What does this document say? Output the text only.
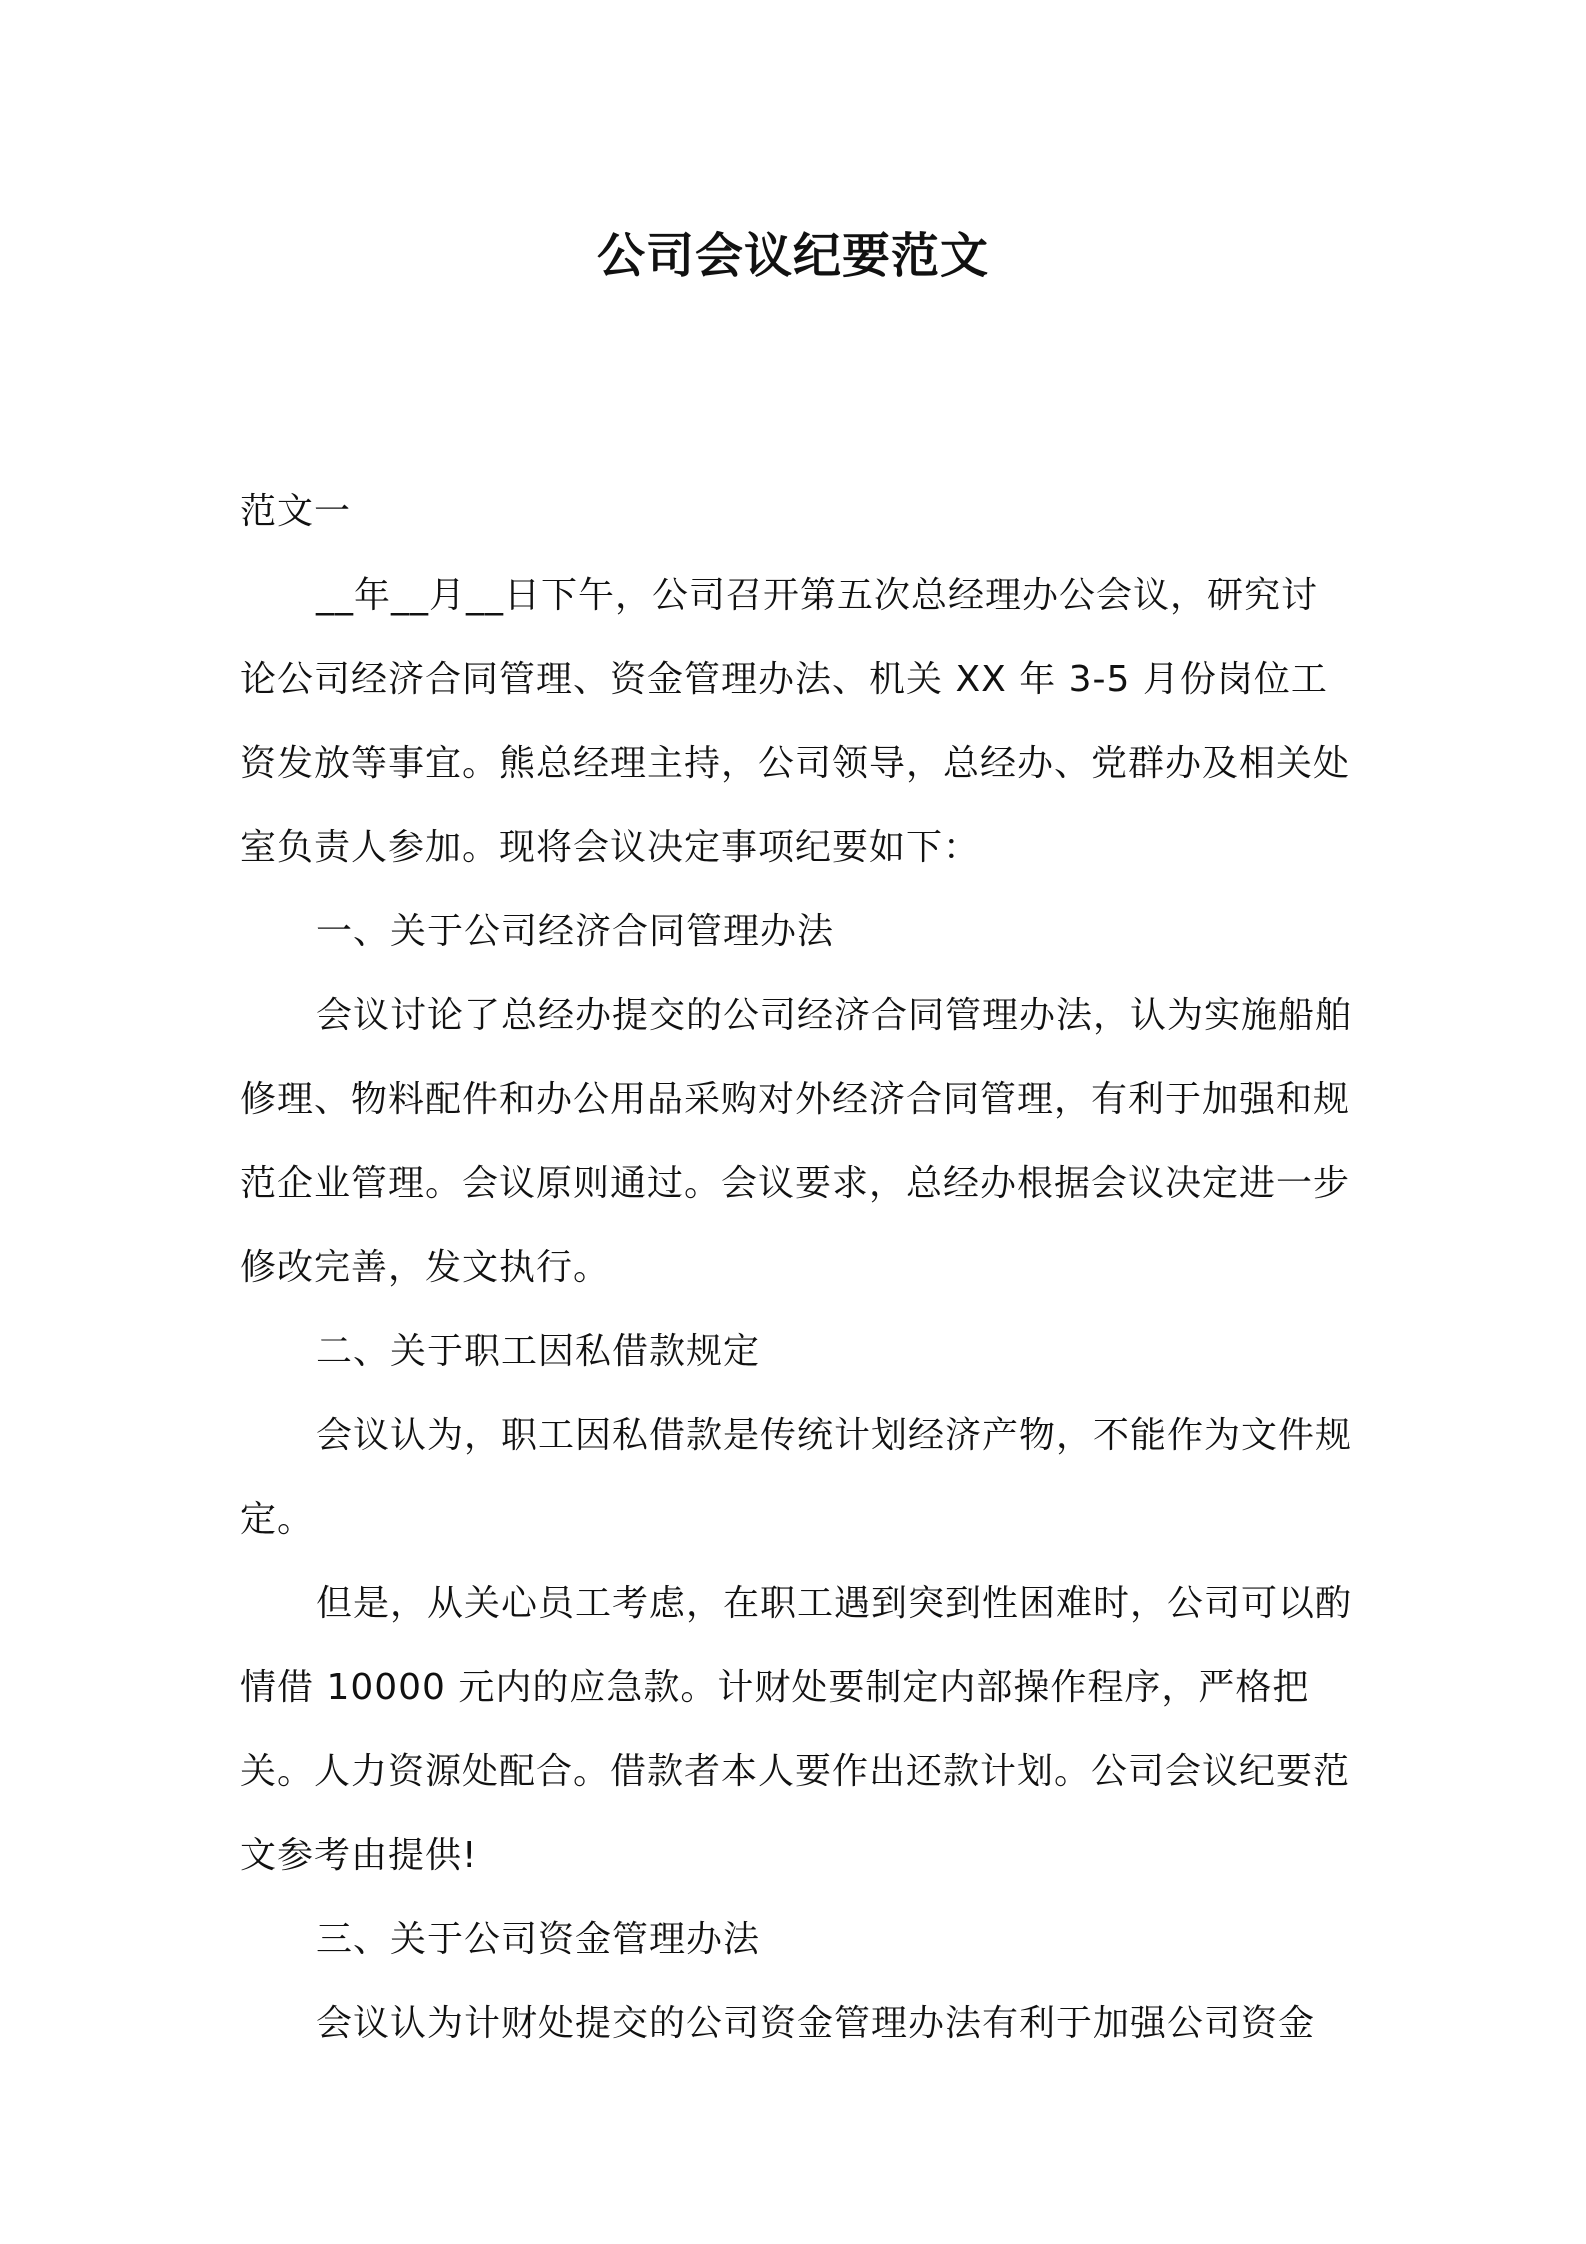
公司会议纪要范文

范文一

__年__月__日下午，公司召开第五次总经理办公会议，研究讨论公司经济合同管理、资金管理办法、机关 XX 年 3-5 月份岗位工资发放等事宜。熊总经理主持，公司领导，总经办、党群办及相关处室负责人参加。现将会议决定事项纪要如下：

一、关于公司经济合同管理办法

会议讨论了总经办提交的公司经济合同管理办法，认为实施船舶修理、物料配件和办公用品采购对外经济合同管理，有利于加强和规范企业管理。会议原则通过。会议要求，总经办根据会议决定进一步修改完善，发文执行。

二、关于职工因私借款规定

会议认为，职工因私借款是传统计划经济产物，不能作为文件规定。

但是，从关心员工考虑，在职工遇到突到性困难时，公司可以酌情借 10000 元内的应急款。计财处要制定内部操作程序，严格把关。人力资源处配合。借款者本人要作出还款计划。公司会议纪要范文参考由提供!

三、关于公司资金管理办法

会议认为计财处提交的公司资金管理办法有利于加强公司资金
